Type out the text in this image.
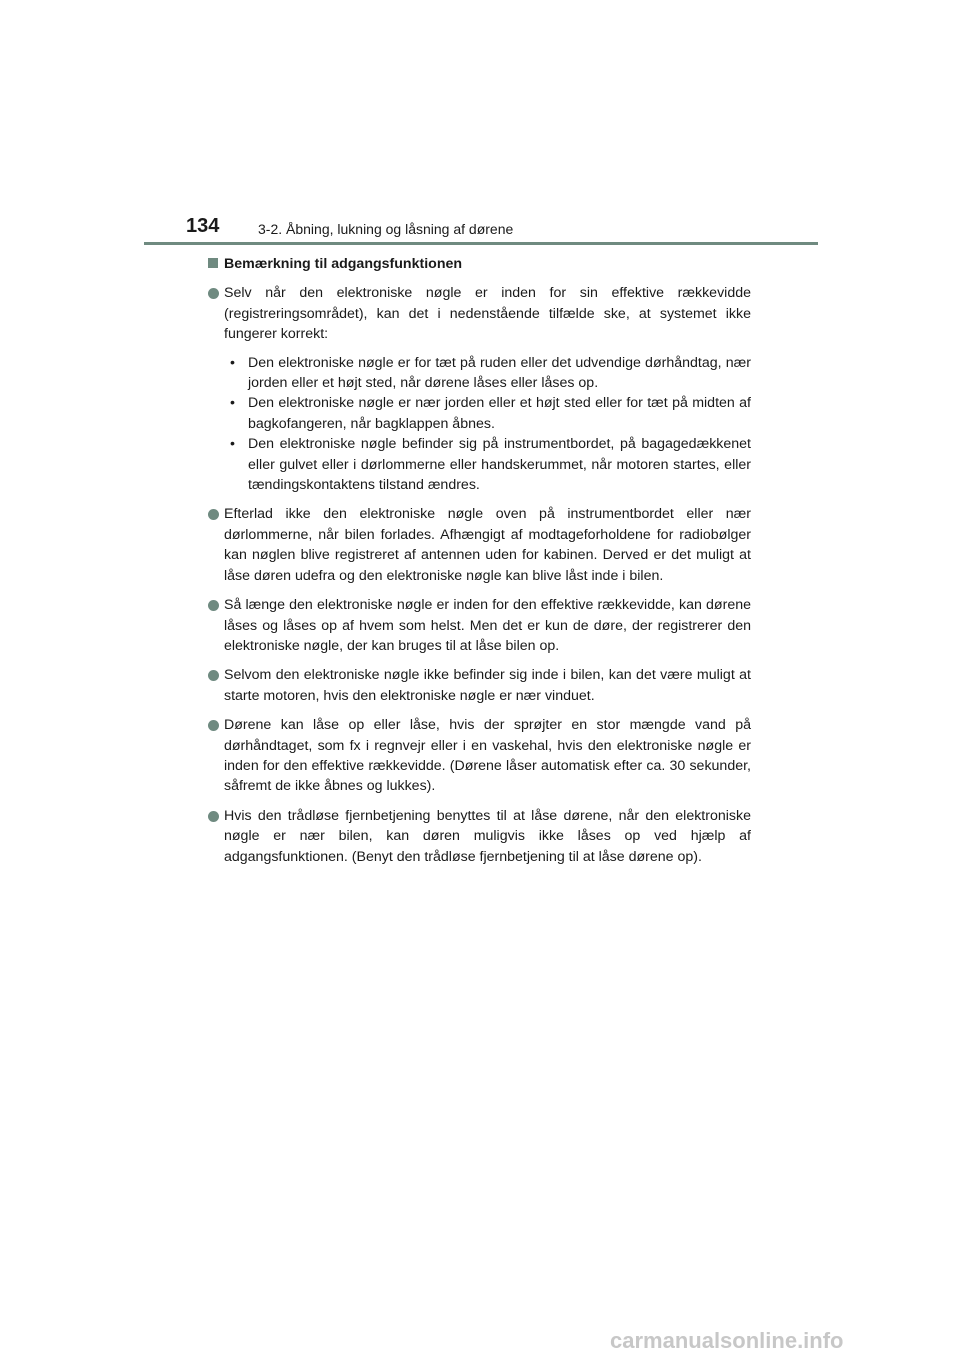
134	3-2. Åbning, lukning og låsning af dørene
Bemærkning til adgangsfunktionen
Selv når den elektroniske nøgle er inden for sin effektive rækkevidde (registreringsområdet), kan det i nedenstående tilfælde ske, at systemet ikke fungerer korrekt:
• Den elektroniske nøgle er for tæt på ruden eller det udvendige dørhåndtag, nær jorden eller et højt sted, når dørene låses eller låses op.
• Den elektroniske nøgle er nær jorden eller et højt sted eller for tæt på midten af bagkofangeren, når bagklappen åbnes.
• Den elektroniske nøgle befinder sig på instrumentbordet, på bagagedækkenet eller gulvet eller i dørlommerne eller handskerummet, når motoren startes, eller tændingskontaktens tilstand ændres.
Efterlad ikke den elektroniske nøgle oven på instrumentbordet eller nær dørlommerne, når bilen forlades. Afhængigt af modtageforholdene for radiobølger kan nøglen blive registreret af antennen uden for kabinen. Derved er det muligt at låse døren udefra og den elektroniske nøgle kan blive låst inde i bilen.
Så længe den elektroniske nøgle er inden for den effektive rækkevidde, kan dørene låses og låses op af hvem som helst. Men det er kun de døre, der registrerer den elektroniske nøgle, der kan bruges til at låse bilen op.
Selvom den elektroniske nøgle ikke befinder sig inde i bilen, kan det være muligt at starte motoren, hvis den elektroniske nøgle er nær vinduet.
Dørene kan låse op eller låse, hvis der sprøjter en stor mængde vand på dørhåndtaget, som fx i regnvejr eller i en vaskehal, hvis den elektroniske nøgle er inden for den effektive rækkevidde. (Dørene låser automatisk efter ca. 30 sekunder, såfremt de ikke åbnes og lukkes).
Hvis den trådløse fjernbetjening benyttes til at låse dørene, når den elektroniske nøgle er nær bilen, kan døren muligvis ikke låses op ved hjælp af adgangsfunktionen. (Benyt den trådløse fjernbetjening til at låse dørene op).
carmanualsonline.info
